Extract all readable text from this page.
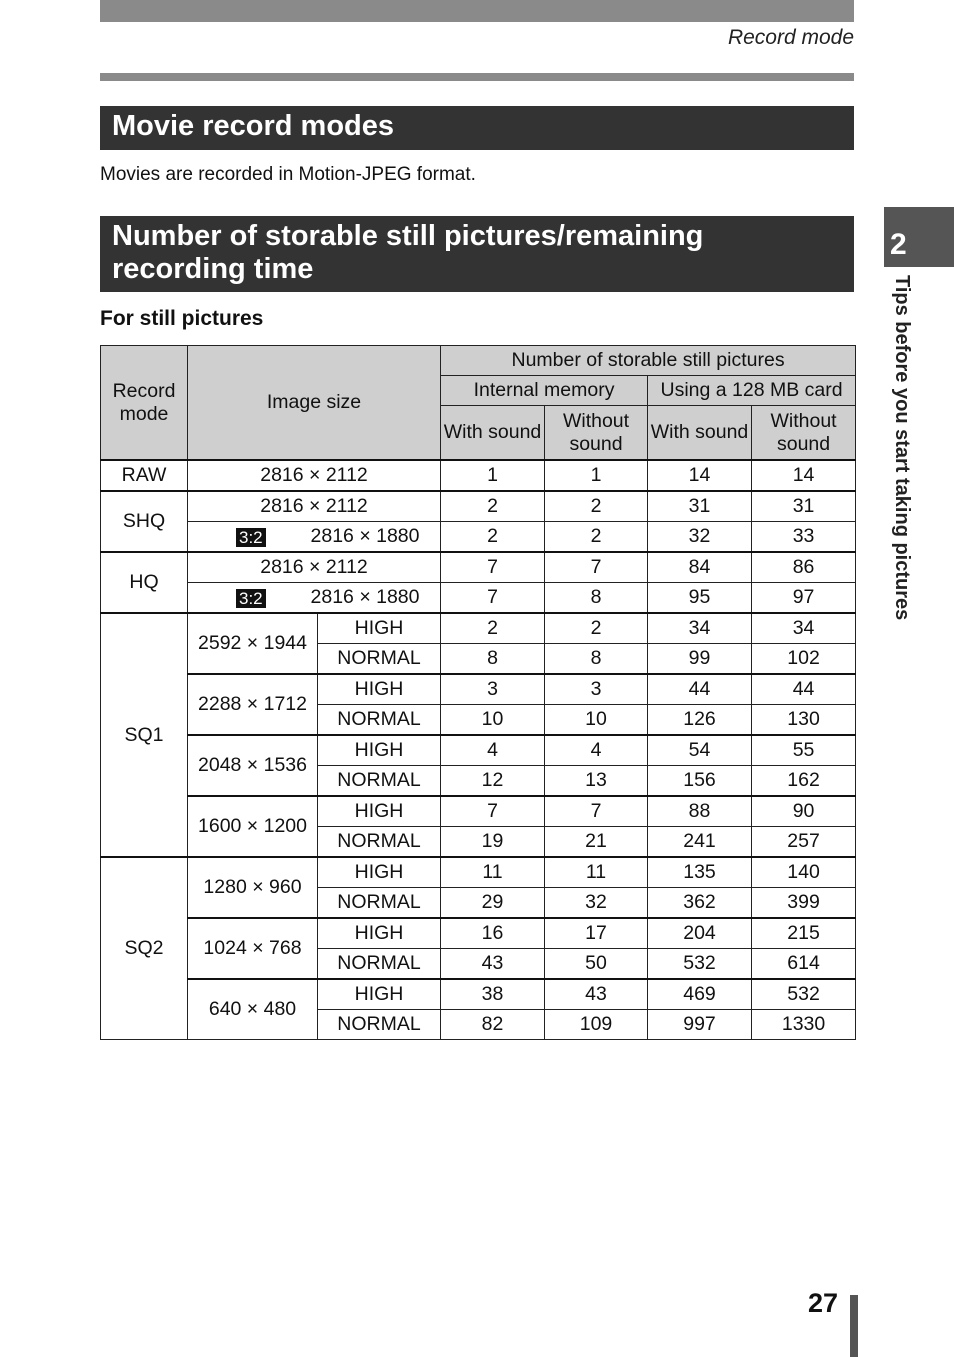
Record mode
Movie record modes
Movies are recorded in Motion-JPEG format.
Number of storable still pictures/remaining
recording time
For still pictures
2
Tips before you start taking pictures
Record mode	Image size		Number of storable still pictures			
			Internal memory		Using a 128 MB card	
			With sound	Without sound	With sound	Without sound
RAW	2816 × 2112		1	1	14	14
SHQ	2816 × 2112		2	2	31	31

	3:2 2816 × 1880		2	2	32	33
HQ	2816 × 2112		7	7	84	86

	3:2 2816 × 1880		7	8	95	97
SQ1	2592 × 1944	HIGH	2	2	34	34
		NORMAL	8	8	99	102
	2288 × 1712	HIGH	3	3	44	44
		NORMAL	10	10	126	130
	2048 × 1536	HIGH	4	4	54	55
		NORMAL	12	13	156	162
	1600 × 1200	HIGH	7	7	88	90
		NORMAL	19	21	241	257
SQ2	1280 × 960	HIGH	11	11	135	140
		NORMAL	29	32	362	399
	1024 × 768	HIGH	16	17	204	215
		NORMAL	43	50	532	614
	640 × 480	HIGH	38	43	469	532
		NORMAL	82	109	997	1330
27
